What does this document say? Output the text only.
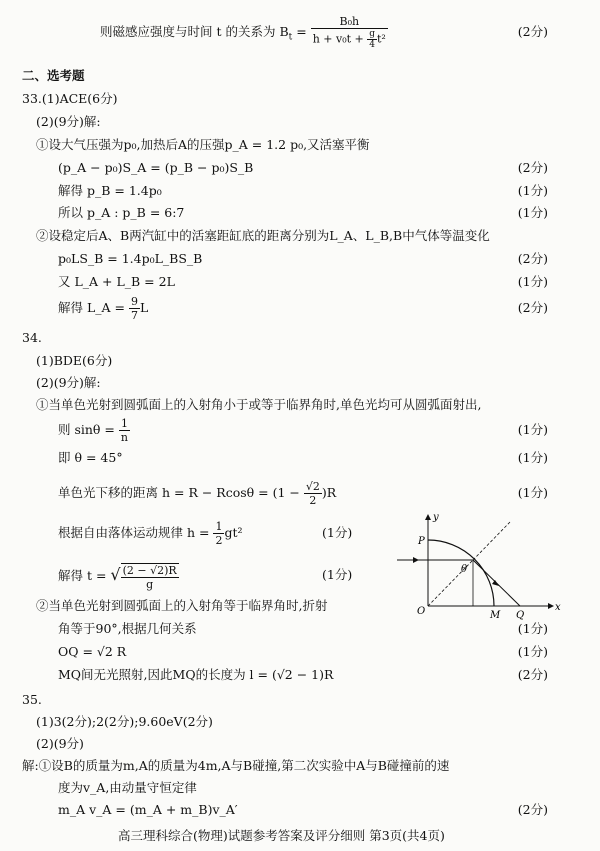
则磁感应强度与时间 t 的关系为 $B_t = \frac{\text{B₀h}}{h + v_0t + \frac{g}{4} t^2}$	(2分)
二、选考题
33.(1)ACE(6分)
(2)(9分)解:
①设大气压强为p₀,加热后A的压强p_A = 1.2 p₀,又活塞平衡
(p_A − p₀)S_A = (p_B − p₀)S_B	(2分)
解得 p_B = 1.4p₀	(1分)
所以 p_A : p_B = 6:7	(1分)
②设稳定后A、B两汽缸中的活塞距缸底的距离分别为L_A、L_B,B中气体等温变化
p₀LS_B = 1.4p₀L_BS_B	(2分)
又 L_A + L_B = 2L	(1分)
解得 L_A = $\frac{9}{7}$ L	(2分)
34.
(1)BDE(6分)
(2)(9分)解:
①当单色光射到圆弧面上的入射角小于或等于临界角时,单色光均可从圆弧面射出,
则 $\sin\theta = \frac{1}{n}$	(1分)
即 θ = 45°	(1分)
单色光下移的距离 $h = R - Rcos\theta = (1 - \frac{√2}{2} )R$	(1分)
根据自由落体运动规律 $h = \frac{1}{2} gt^2$	(1分)
解得 t = √ $\frac{(2 - √2)R}{g}$	(1分)
②当单色光射到圆弧面上的入射角等于临界角时,折射
角等于90°,根据几何关系	(1分)
OQ = √2 R	(1分)
MQ间无光照射,因此MQ的长度为 l = (√2 − 1)R	(2分)
y
x
P
O	M Q
θ
35.
(1)3(2分);2(2分);9.60eV(2分)
(2)(9分)
解:①设B的质量为m,A的质量为4m,A与B碰撞,第二次实验中A与B碰撞前的速
度为v_A,由动量守恒定律
m_A v_A = (m_A + m_B)v_A′	(2分)
高三理科综合(物理)试题参考答案及评分细则 第3页(共4页)
